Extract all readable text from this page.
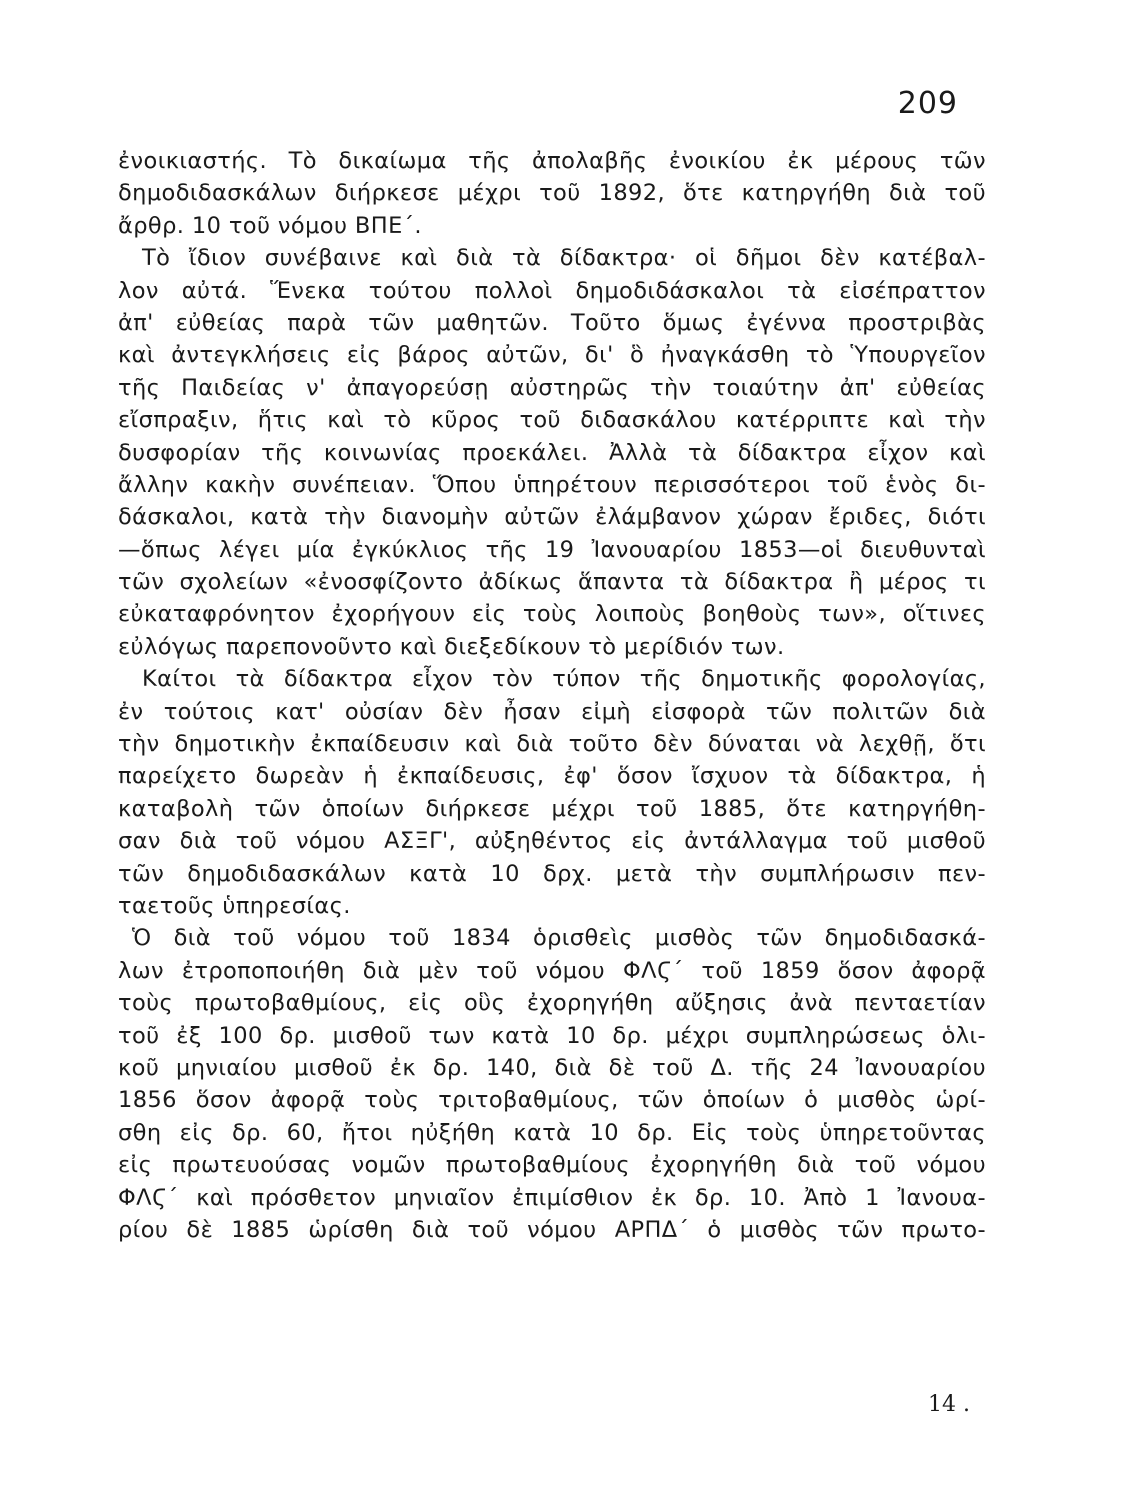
209
ἐνοικιαστής. Τὸ δικαίωμα τῆς ἀπολαβῆς ἐνοικίου ἐκ μέρους τῶν
δημοδιδασκάλων διήρκεσε μέχρι τοῦ 1892, ὅτε κατηργήθη διὰ τοῦ
ἄρθρ. 10 τοῦ νόμου ΒΠΕ΄.
Τὸ ἴδιον συνέβαινε καὶ διὰ τὰ δίδακτρα· οἱ δῆμοι δὲν κατέβαλ-
λον αὐτά. Ἕνεκα τούτου πολλοὶ δημοδιδάσκαλοι τὰ εἰσέπραττον
ἀπ' εὐθείας παρὰ τῶν μαθητῶν. Τοῦτο ὅμως ἐγέννα προστριβὰς
καὶ ἀντεγκλήσεις εἰς βάρος αὐτῶν, δι' ὃ ἠναγκάσθη τὸ Ὑπουργεῖον
τῆς Παιδείας ν' ἀπαγορεύσῃ αὐστηρῶς τὴν τοιαύτην ἀπ' εὐθείας
εἴσπραξιν, ἥτις καὶ τὸ κῦρος τοῦ διδασκάλου κατέρριπτε καὶ τὴν
δυσφορίαν τῆς κοινωνίας προεκάλει. Ἀλλὰ τὰ δίδακτρα εἶχον καὶ
ἄλλην κακὴν συνέπειαν. Ὅπου ὑπηρέτουν περισσότεροι τοῦ ἑνὸς δι-
δάσκαλοι, κατὰ τὴν διανομὴν αὐτῶν ἐλάμβανον χώραν ἔριδες, διότι
—ὅπως λέγει μία ἐγκύκλιος τῆς 19 Ἰανουαρίου 1853—οἱ διευθυνταὶ
τῶν σχολείων «ἐνοσφίζοντο ἀδίκως ἅπαντα τὰ δίδακτρα ἢ μέρος τι
εὐκαταφρόνητον ἐχορήγουν εἰς τοὺς λοιποὺς βοηθοὺς των», οἵτινες
εὐλόγως παρεπονοῦντο καὶ διεξεδίκουν τὸ μερίδιόν των.
Καίτοι τὰ δίδακτρα εἶχον τὸν τύπον τῆς δημοτικῆς φορολογίας,
ἐν τούτοις κατ' οὐσίαν δὲν ἦσαν εἰμὴ εἰσφορὰ τῶν πολιτῶν διὰ
τὴν δημοτικὴν ἐκπαίδευσιν καὶ διὰ τοῦτο δὲν δύναται νὰ λεχθῇ, ὅτι
παρείχετο δωρεὰν ἡ ἐκπαίδευσις, ἐφ' ὅσον ἴσχυον τὰ δίδακτρα, ἡ
καταβολὴ τῶν ὁποίων διήρκεσε μέχρι τοῦ 1885, ὅτε κατηργήθη-
σαν διὰ τοῦ νόμου ΑΣΞΓ', αὐξηθέντος εἰς ἀντάλλαγμα τοῦ μισθοῦ
τῶν δημοδιδασκάλων κατὰ 10 δρχ. μετὰ τὴν συμπλήρωσιν πεν-
ταετοῦς ὑπηρεσίας.
Ὁ διὰ τοῦ νόμου τοῦ 1834 ὁρισθεὶς μισθὸς τῶν δημοδιδασκά-
λων ἐτροποποιήθη διὰ μὲν τοῦ νόμου ΦΛϚ΄ τοῦ 1859 ὅσον ἀφορᾷ
τοὺς πρωτοβαθμίους, εἰς οὓς ἐχορηγήθη αὔξησις ἀνὰ πενταετίαν
τοῦ ἐξ 100 δρ. μισθοῦ των κατὰ 10 δρ. μέχρι συμπληρώσεως ὁλι-
κοῦ μηνιαίου μισθοῦ ἐκ δρ. 140, διὰ δὲ τοῦ Δ. τῆς 24 Ἰανουαρίου
1856 ὅσον ἀφορᾷ τοὺς τριτοβαθμίους, τῶν ὁποίων ὁ μισθὸς ὡρί-
σθη εἰς δρ. 60, ἤτοι ηὐξήθη κατὰ 10 δρ. Εἰς τοὺς ὑπηρετοῦντας
εἰς πρωτευούσας νομῶν πρωτοβαθμίους ἐχορηγήθη διὰ τοῦ νόμου
ΦΛϚ΄ καὶ πρόσθετον μηνιαῖον ἐπιμίσθιον ἐκ δρ. 10. Ἀπὸ 1 Ἰανουα-
ρίου δὲ 1885 ὡρίσθη διὰ τοῦ νόμου ΑΡΠΔ΄ ὁ μισθὸς τῶν πρωτο-
14 .
